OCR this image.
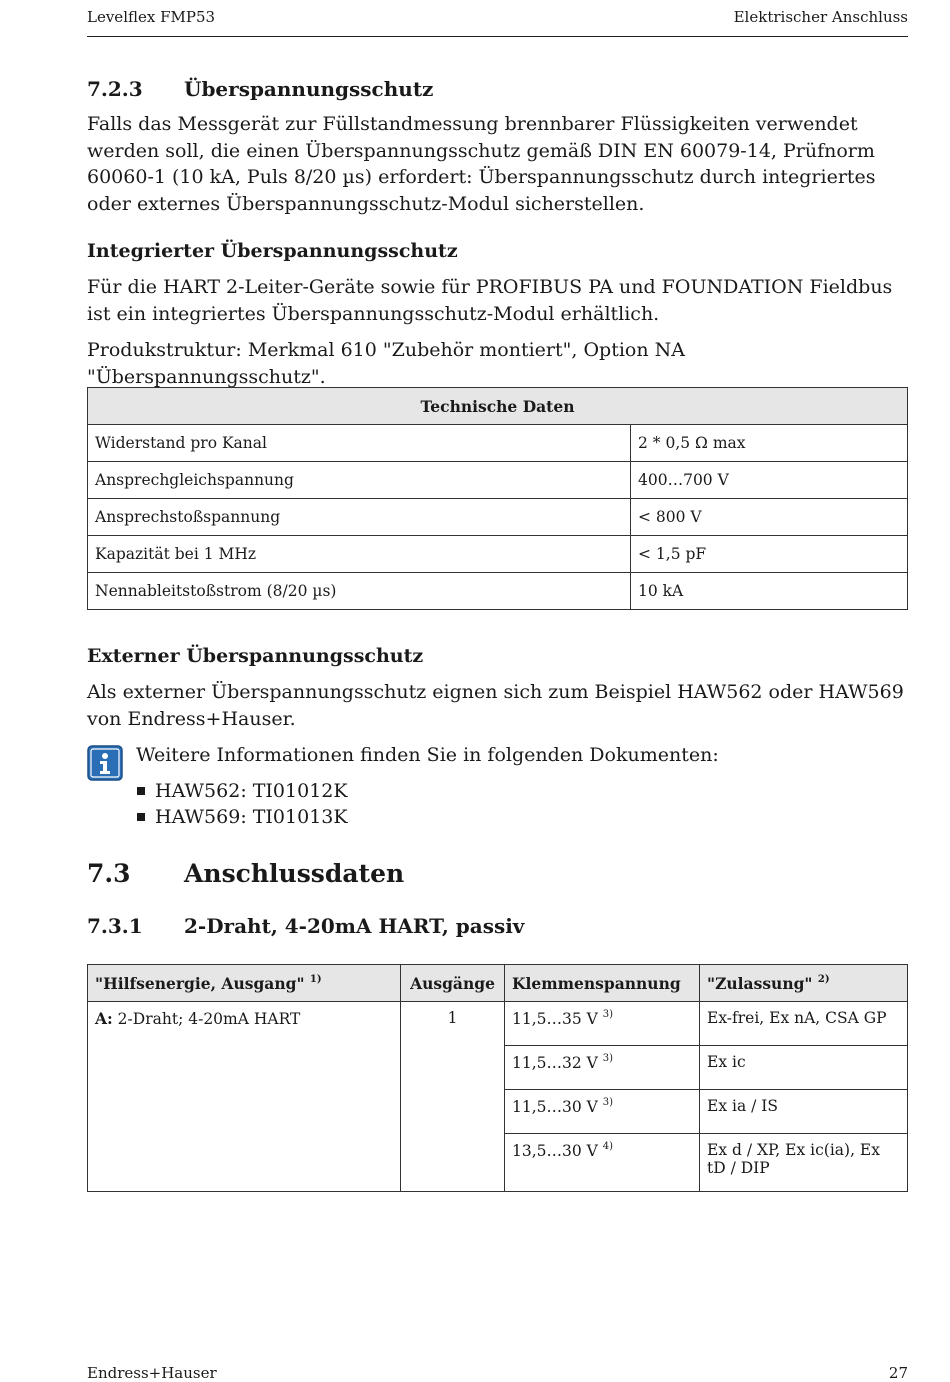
Levelflex FMP53	Elektrischer Anschluss
7.2.3 Überspannungsschutz
Falls das Messgerät zur Füllstandmessung brennbarer Flüssigkeiten verwendet werden soll, die einen Überspannungsschutz gemäß DIN EN 60079-14, Prüfnorm 60060-1 (10 kA, Puls 8/20 µs) erfordert: Überspannungsschutz durch integriertes oder externes Überspannungsschutz-Modul sicherstellen.
Integrierter Überspannungsschutz
Für die HART 2-Leiter-Geräte sowie für PROFIBUS PA und FOUNDATION Fieldbus ist ein integriertes Überspannungsschutz-Modul erhältlich.
Produkstruktur: Merkmal 610 "Zubehör montiert", Option NA "Überspannungsschutz".
Technische Daten	
Widerstand pro Kanal	2 * 0,5 Ω max
Ansprechgleichspannung	400…700 V
Ansprechstoßspannung	< 800 V
Kapazität bei 1 MHz	< 1,5 pF
Nennableitstoßstrom (8/20 µs)	10 kA
Externer Überspannungsschutz
Als externer Überspannungsschutz eignen sich zum Beispiel HAW562 oder HAW569 von Endress+Hauser.
Weitere Informationen finden Sie in folgenden Dokumenten:
HAW562: TI01012K
HAW569: TI01013K
7.3 Anschlussdaten
7.3.1 2-Draht, 4-20mA HART, passiv
"Hilfsenergie, Ausgang" $^{1)}$	Ausgänge	Klemmenspannung	"Zulassung" $^{2)}$
A: 2-Draht; 4-20mA HART	1	11,5…35 V $^{3)}$	Ex-frei, Ex nA, CSA GP
		11,5…32 V $^{3)}$	Ex ic
		11,5…30 V $^{3)}$	Ex ia / IS
		13,5…30 V $^{4)}$	Ex d / XP, Ex ic(ia), Ex tD / DIP
Endress+Hauser	27
